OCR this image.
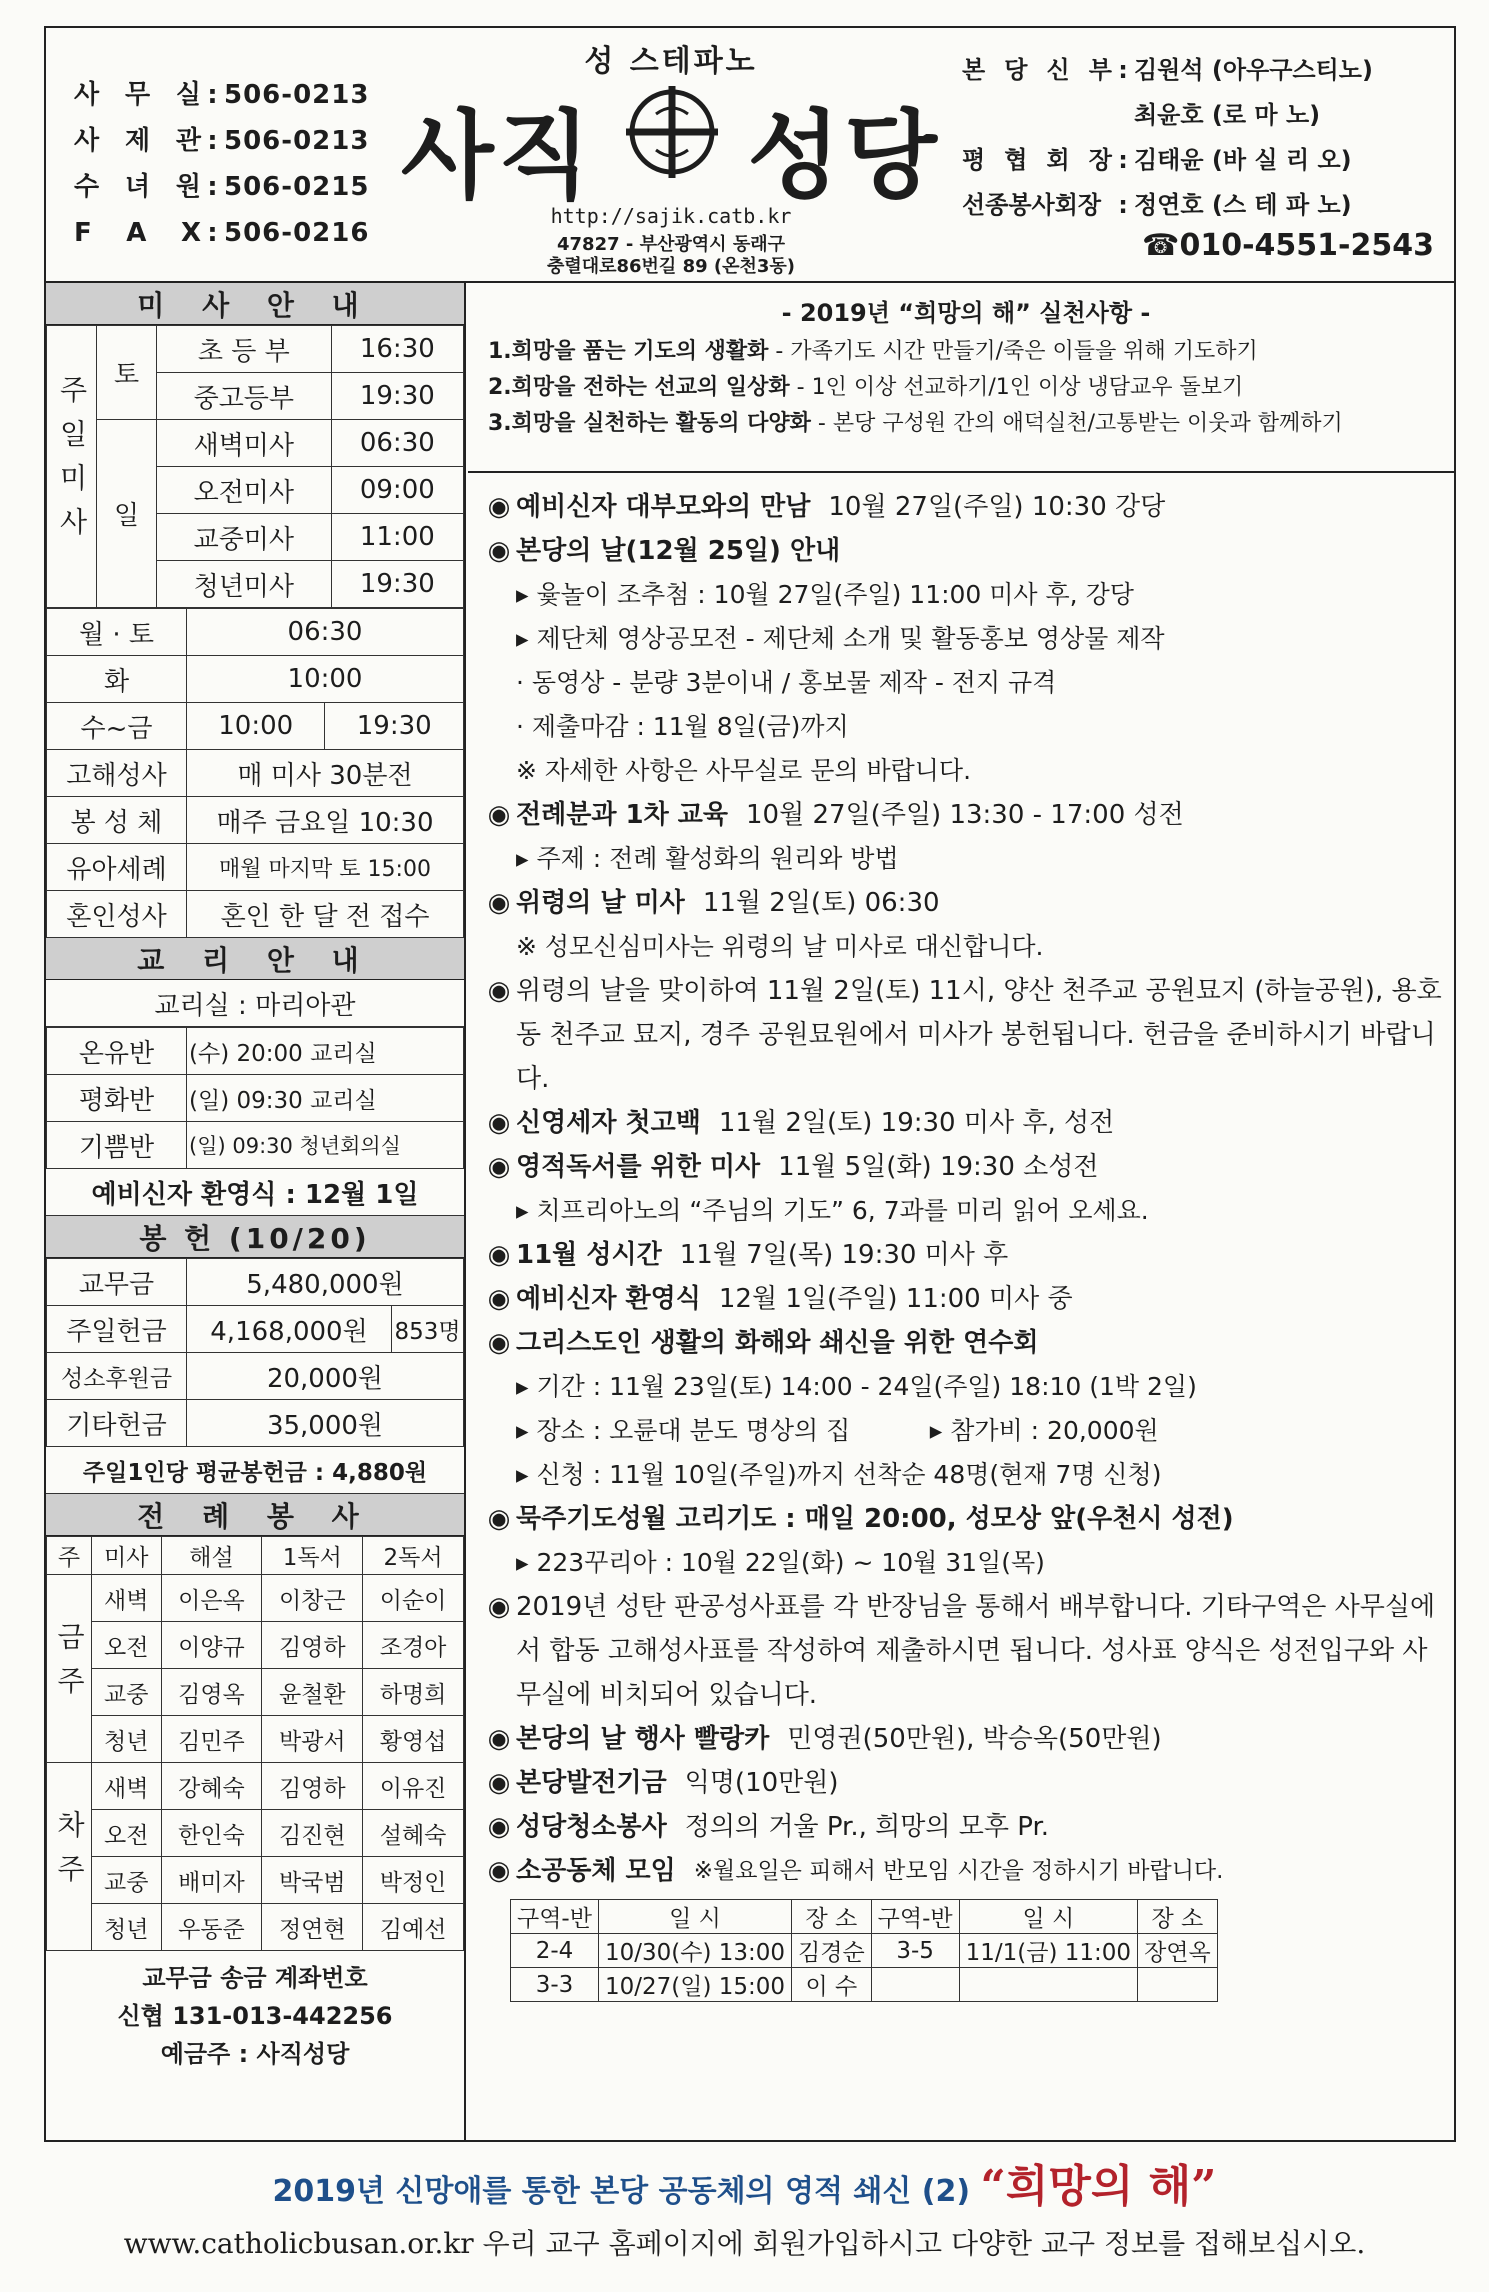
사 무 실 : 506-0213
사 제 관 : 506-0213
수 녀 원 : 506-0215
F A X : 506-0216
성 스테파노
사직 성당
http://sajik.catb.kr
47827 - 부산광역시 동래구
충렬대로86번길 89 (온천3동)
본 당 신 부 : 김원석 (아우구스티노)
최윤호 (로 마 노)
평 협 회 장 : 김태윤 (바 실 리 오)
선종봉사회장 : 정연호 (스 테 파 노)
☎010-4551-2543
미 사 안 내
주일미사	토	초 등 부	16:30
		중고등부	19:30
	일	새벽미사	06:30
		오전미사	09:00
		교중미사	11:00
		청년미사	19:30
월 · 토	06:30	
화	10:00	
수~금	10:00	19:30
고해성사	매 미사 30분전	
봉 성 체	매주 금요일 10:30	
유아세례	매월 마지막 토 15:00	
혼인성사	혼인 한 달 전 접수	
교 리 안 내
교리실 : 마리아관
온유반	(수) 20:00 교리실
평화반	(일) 09:30 교리실
기쁨반	(일) 09:30 청년회의실
예비신자 환영식 : 12월 1일
봉 헌 (10/20)
교무금	5,480,000원	
주일헌금	4,168,000원	853명
성소후원금	20,000원	
기타헌금	35,000원	
주일1인당 평균봉헌금 : 4,880원
전 례 봉 사
주	미사	해설	1독서	2독서
금주	새벽	이은옥	이창근	이순이
	오전	이양규	김영하	조경아
	교중	김영옥	윤철환	하명희
	청년	김민주	박광서	황영섭
차주	새벽	강혜숙	김영하	이유진
	오전	한인숙	김진현	설혜숙
	교중	배미자	박국범	박정인
	청년	우동준	정연현	김예선
교무금 송금 계좌번호
신협 131-013-442256
예금주 : 사직성당
- 2019년 “희망의 해” 실천사항 -
1.희망을 품는 기도의 생활화 - 가족기도 시간 만들기/죽은 이들을 위해 기도하기
2.희망을 전하는 선교의 일상화 - 1인 이상 선교하기/1인 이상 냉담교우 돌보기
3.희망을 실천하는 활동의 다양화 - 본당 구성원 간의 애덕실천/고통받는 이웃과 함께하기
◉ 예비신자 대부모와의 만남 10월 27일(주일) 10:30 강당
◉ 본당의 날(12월 25일) 안내
▸ 윷놀이 조추첨 : 10월 27일(주일) 11:00 미사 후, 강당
▸ 제단체 영상공모전 - 제단체 소개 및 활동홍보 영상물 제작
· 동영상 - 분량 3분이내 / 홍보물 제작 - 전지 규격
· 제출마감 : 11월 8일(금)까지
※ 자세한 사항은 사무실로 문의 바랍니다.
◉ 전례분과 1차 교육 10월 27일(주일) 13:30 - 17:00 성전
▸ 주제 : 전례 활성화의 원리와 방법
◉ 위령의 날 미사 11월 2일(토) 06:30
※ 성모신심미사는 위령의 날 미사로 대신합니다.
◉ 위령의 날을 맞이하여 11월 2일(토) 11시, 양산 천주교 공원묘지 (하늘공원), 용호동 천주교 묘지, 경주 공원묘원에서 미사가 봉헌됩니다. 헌금을 준비하시기 바랍니다.
◉ 신영세자 첫고백 11월 2일(토) 19:30 미사 후, 성전
◉ 영적독서를 위한 미사 11월 5일(화) 19:30 소성전
▸ 치프리아노의 “주님의 기도” 6, 7과를 미리 읽어 오세요.
◉ 11월 성시간 11월 7일(목) 19:30 미사 후
◉ 예비신자 환영식 12월 1일(주일) 11:00 미사 중
◉ 그리스도인 생활의 화해와 쇄신을 위한 연수회
▸ 기간 : 11월 23일(토) 14:00 - 24일(주일) 18:10 (1박 2일)
▸ 장소 : 오륜대 분도 명상의 집          ▸ 참가비 : 20,000원
▸ 신청 : 11월 10일(주일)까지 선착순 48명(현재 7명 신청)
◉ 묵주기도성월 고리기도 : 매일 20:00, 성모상 앞(우천시 성전)
▸ 223꾸리아 : 10월 22일(화) ~ 10월 31일(목)
◉ 2019년 성탄 판공성사표를 각 반장님을 통해서 배부합니다. 기타구역은 사무실에서 합동 고해성사표를 작성하여 제출하시면 됩니다. 성사표 양식은 성전입구와 사무실에 비치되어 있습니다.
◉ 본당의 날 행사 빨랑카 민영권(50만원), 박승옥(50만원)
◉ 본당발전기금 익명(10만원)
◉ 성당청소봉사 정의의 거울 Pr., 희망의 모후 Pr.
◉ 소공동체 모임 ※월요일은 피해서 반모임 시간을 정하시기 바랍니다.
구역-반	일 시	장 소	구역-반	일 시	장 소
2-4	10/30(수) 13:00	김경순	3-5	11/1(금) 11:00	장연옥
3-3	10/27(일) 15:00	이 수			
2019년 신망애를 통한 본당 공동체의 영적 쇄신 (2) “희망의 해”
www.catholicbusan.or.kr 우리 교구 홈페이지에 회원가입하시고 다양한 교구 정보를 접해보십시오.
